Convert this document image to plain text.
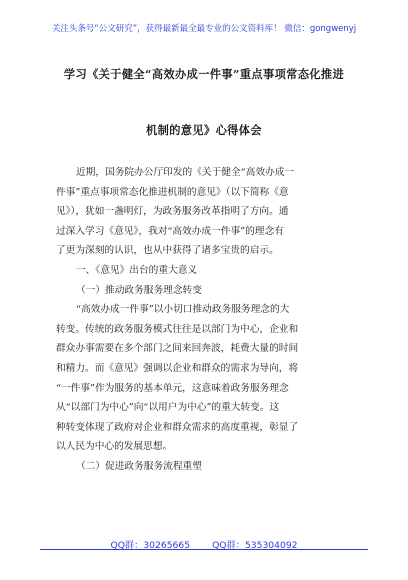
关注头条号“公文研究”，获得最新最全最专业的公文资料库！ 微信：gongwenyj
学习《关于健全“高效办成一件事”重点事项常态化推进
机制的意见》心得体会
近期，国务院办公厅印发的《关于健全“高效办成一
件事”重点事项常态化推进机制的意见》（以下简称《意
见》），犹如一盏明灯，为政务服务改革指明了方向。通
过深入学习《意见》，我对“高效办成一件事”的理念有
了更为深刻的认识，也从中获得了诸多宝贵的启示。
一、《意见》出台的重大意义
（一）推动政务服务理念转变
“高效办成一件事”以小切口推动政务服务理念的大
转变。传统的政务服务模式往往是以部门为中心，企业和
群众办事需要在多个部门之间来回奔波，耗费大量的时间
和精力。而《意见》强调以企业和群众的需求为导向，将
“一件事”作为服务的基本单元，这意味着政务服务理念
从“以部门为中心”向“以用户为中心”的重大转变。这
种转变体现了政府对企业和群众需求的高度重视，彰显了
以人民为中心的发展思想。
（二）促进政务服务流程重塑
QQ群：30265665 QQ群：535304092
